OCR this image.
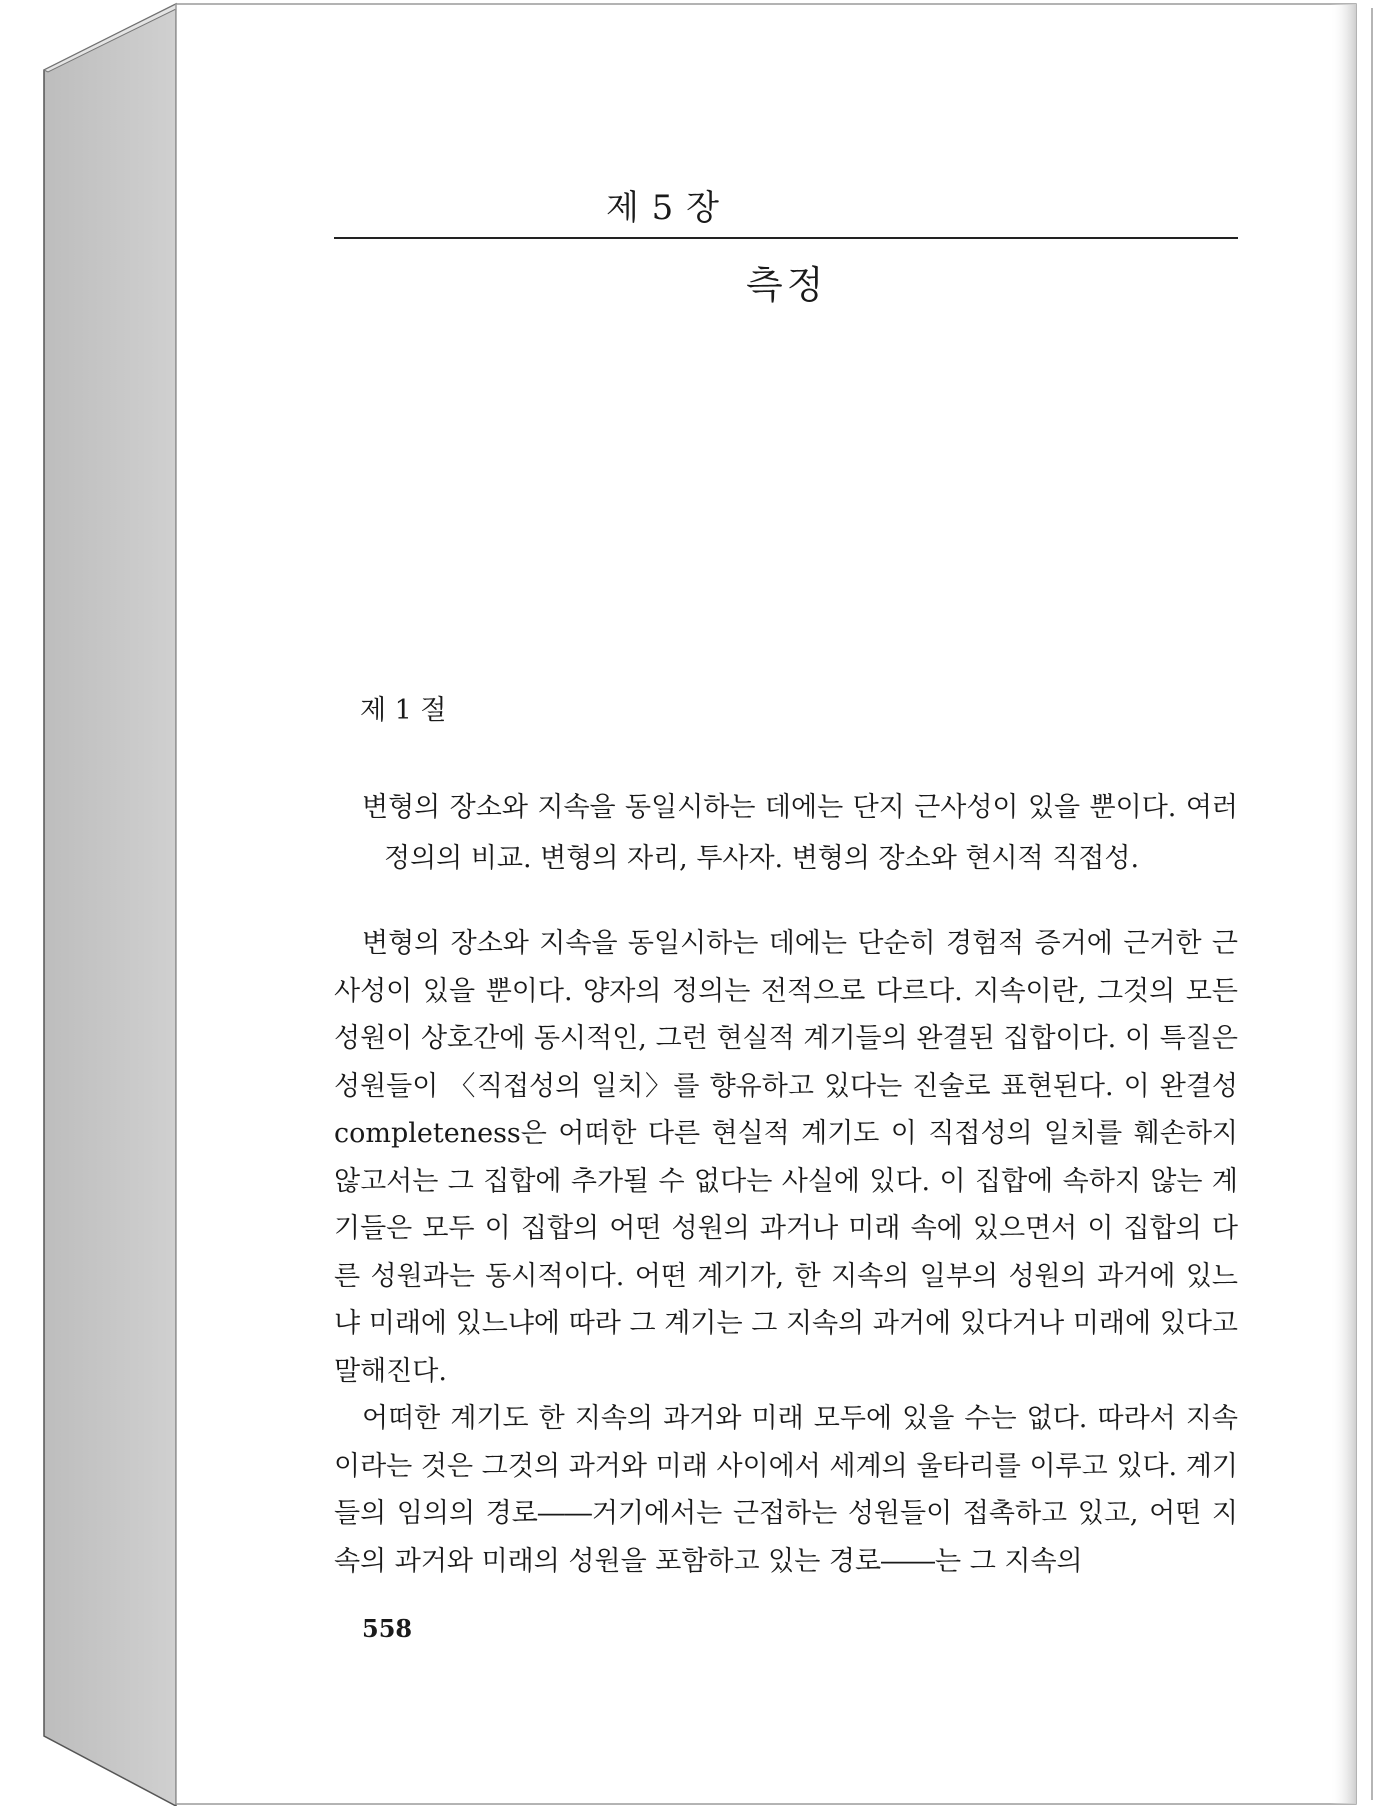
제 5 장
측정
제 1 절

변형의 장소와 지속을 동일시하는 데에는 단지 근사성이 있을 뿐이다. 여러 정의의 비교. 변형의 자리, 투사자. 변형의 장소와 현시적 직접성.

변형의 장소와 지속을 동일시하는 데에는 단순히 경험적 증거에 근거한 근사성이 있을 뿐이다. 양자의 정의는 전적으로 다르다. 지속이란, 그것의 모든 성원이 상호간에 동시적인, 그런 현실적 계기들의 완결된 집합이다. 이 특질은 성원들이 〈직접성의 일치〉를 향유하고 있다는 진술로 표현된다. 이 완결성 completeness은 어떠한 다른 현실적 계기도 이 직접성의 일치를 훼손하지 않고서는 그 집합에 추가될 수 없다는 사실에 있다. 이 집합에 속하지 않는 계기들은 모두 이 집합의 어떤 성원의 과거나 미래 속에 있으면서 이 집합의 다른 성원과는 동시적이다. 어떤 계기가, 한 지속의 일부의 성원의 과거에 있느냐 미래에 있느냐에 따라 그 계기는 그 지속의 과거에 있다거나 미래에 있다고 말해진다.

어떠한 계기도 한 지속의 과거와 미래 모두에 있을 수는 없다. 따라서 지속이라는 것은 그것의 과거와 미래 사이에서 세계의 울타리를 이루고 있다. 계기들의 임의의 경로――거기에서는 근접하는 성원들이 접촉하고 있고, 어떤 지속의 과거와 미래의 성원을 포함하고 있는 경로――는 그 지속의

558
